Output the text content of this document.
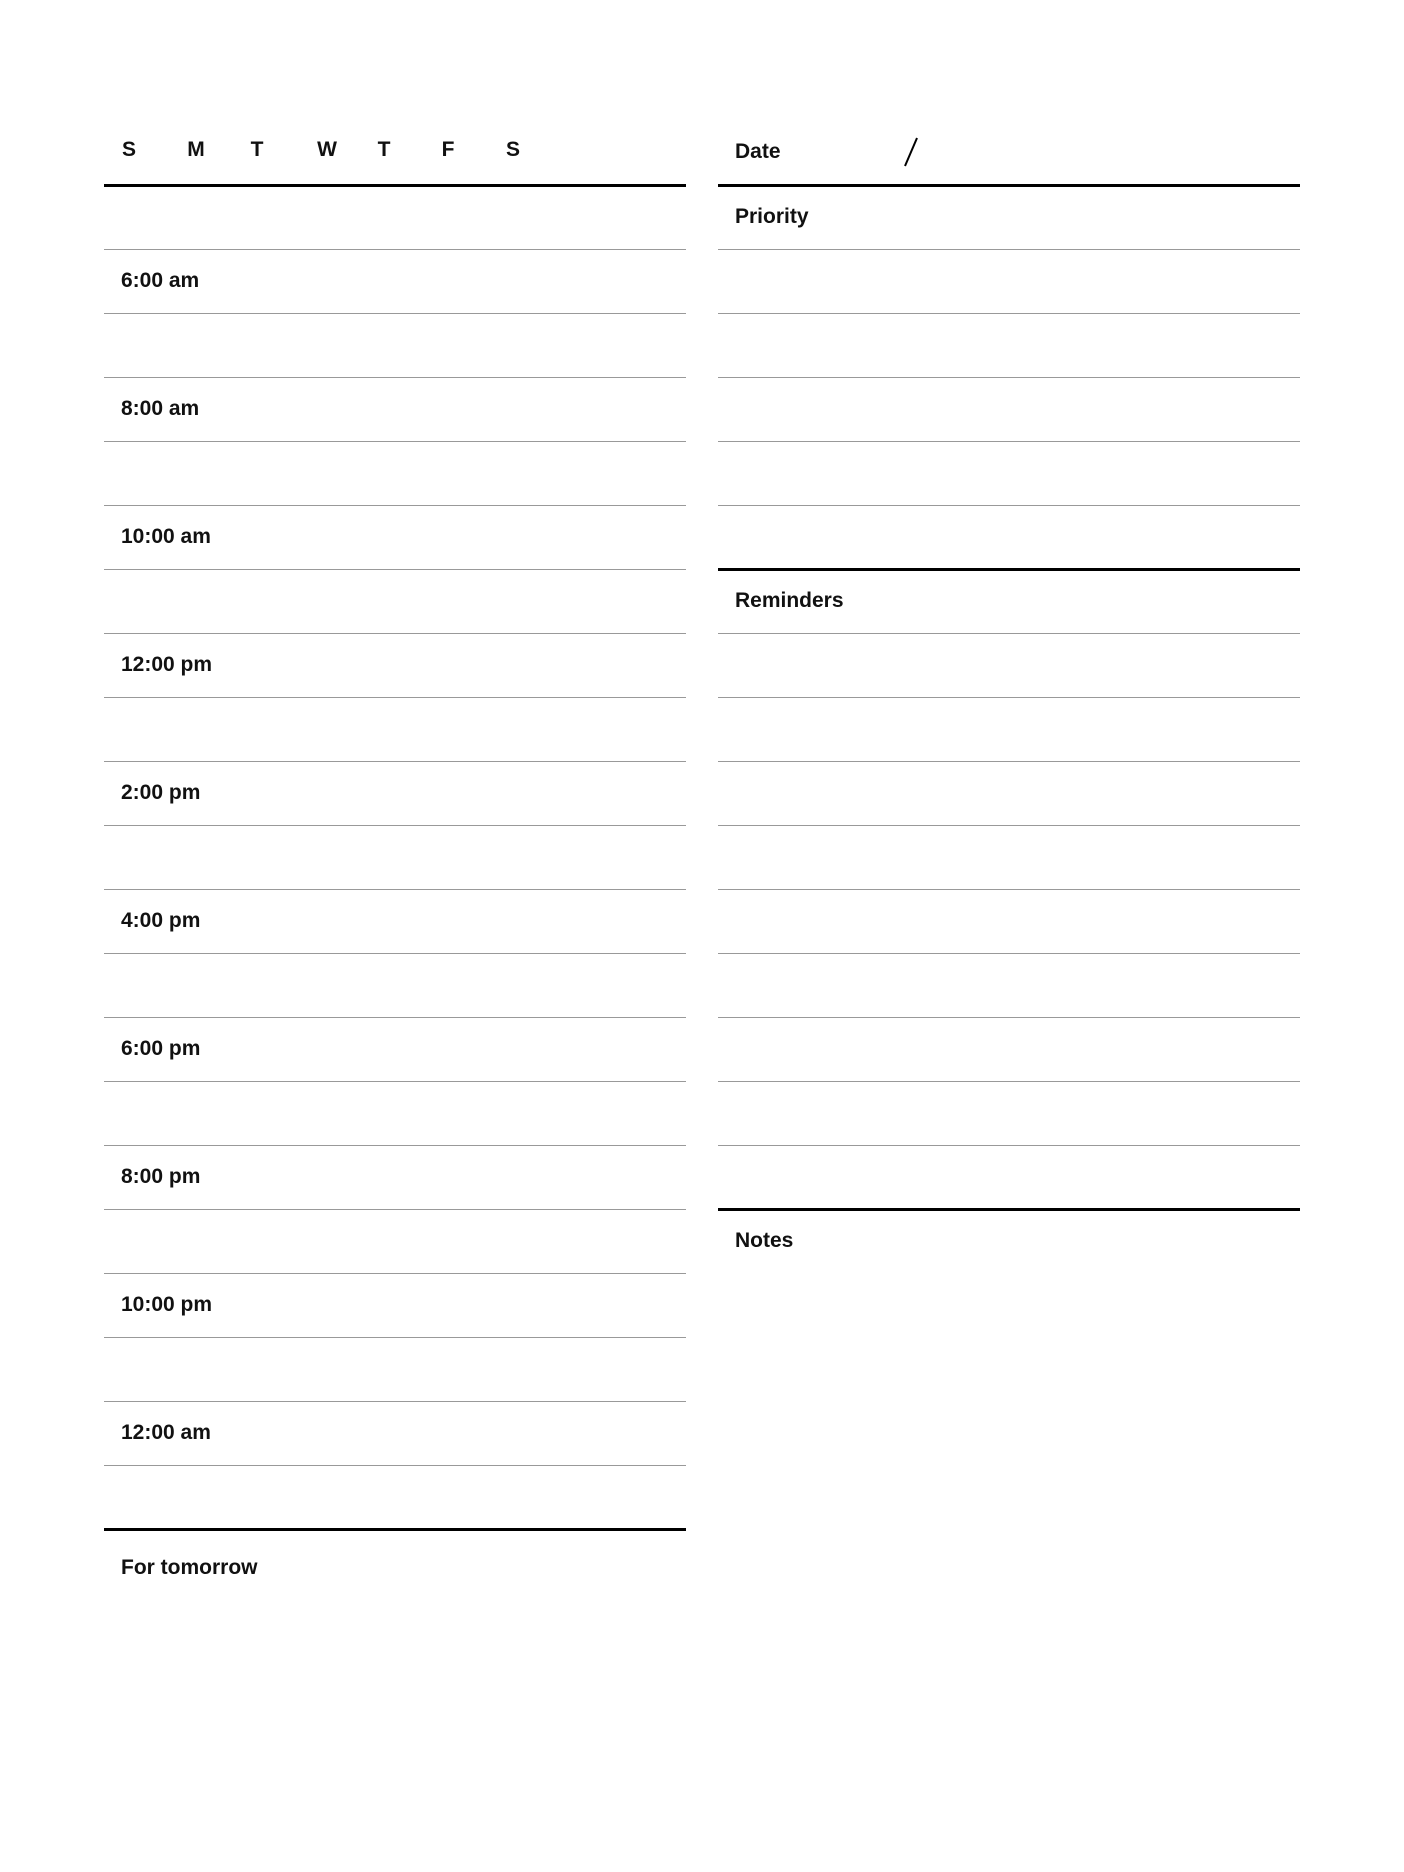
S	M	T	W	T	F	S
6:00 am
8:00 am
10:00 am
12:00 pm
2:00 pm
4:00 pm
6:00 pm
8:00 pm
10:00 pm
12:00 am
For tomorrow
Date
Priority
Reminders
Notes
